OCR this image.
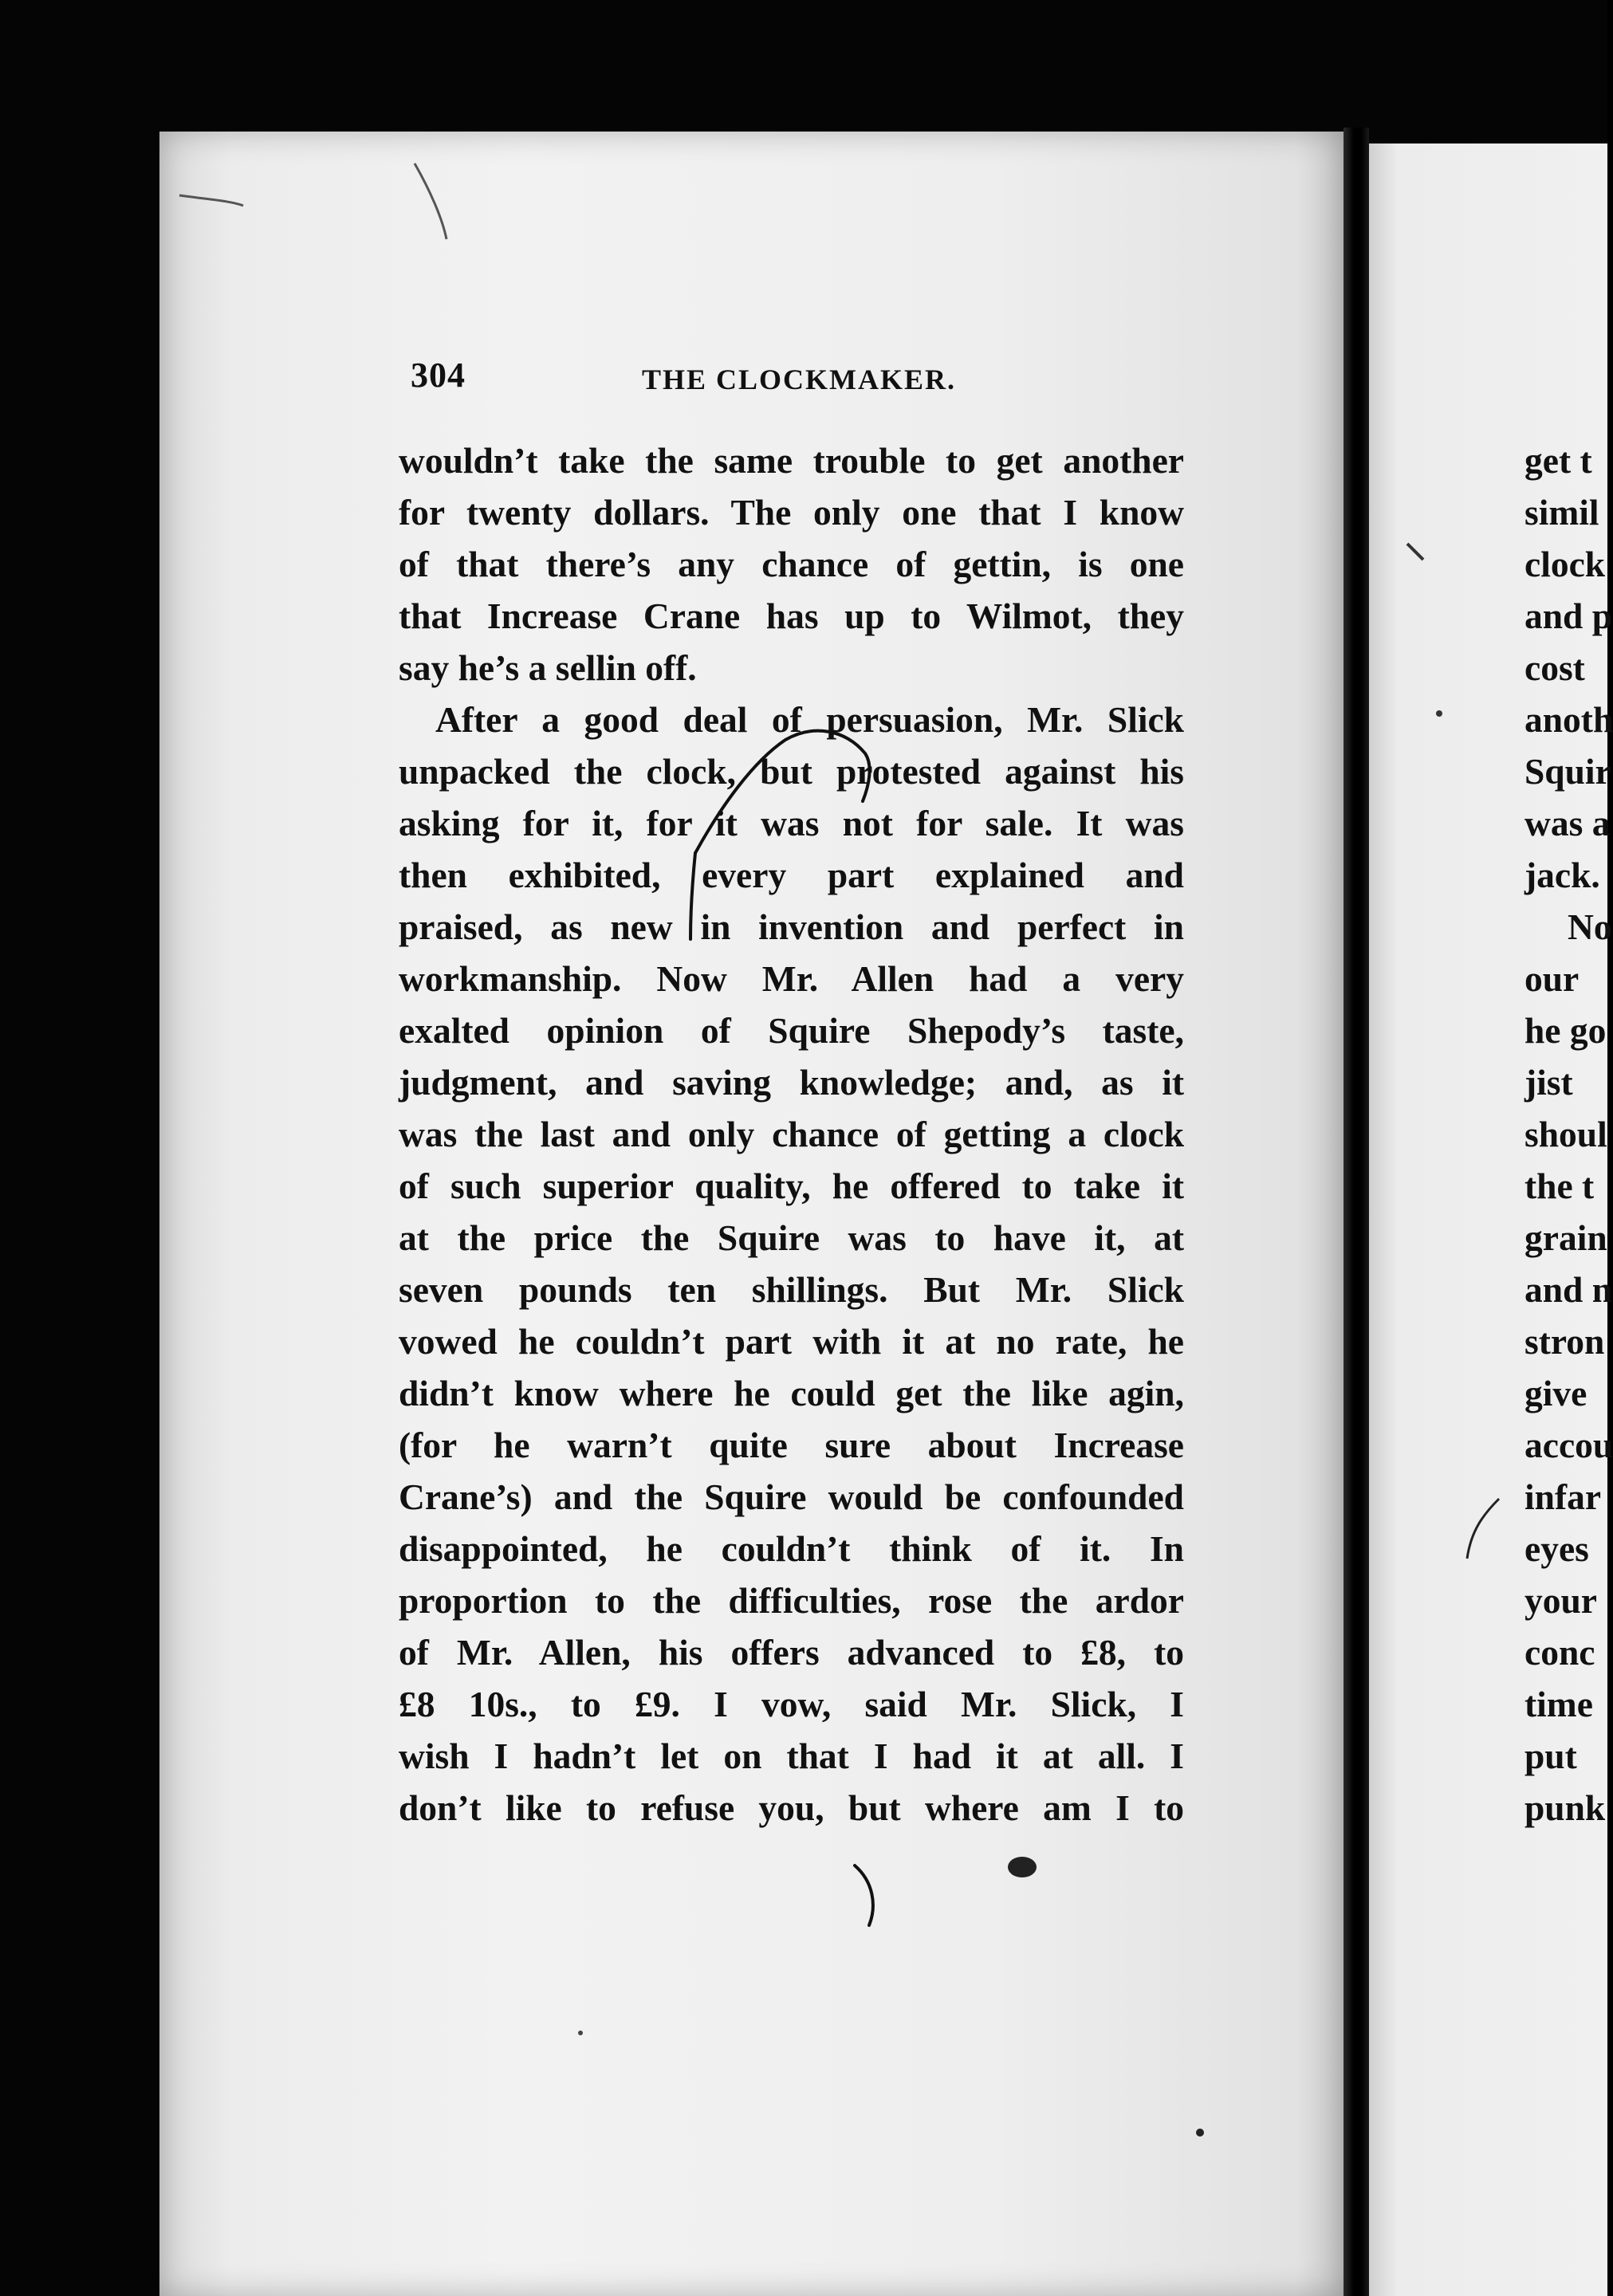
304	THE CLOCKMAKER.
wouldn’t take the same trouble to get another
for twenty dollars. The only one that I know
of that there’s any chance of gettin, is one
that Increase Crane has up to Wilmot, they
say he’s a sellin off.
After a good deal of persuasion, Mr. Slick
unpacked the clock, but protested against his
asking for it, for it was not for sale. It was
then exhibited, every part explained and
praised, as new in invention and perfect in
workmanship. Now Mr. Allen had a very
exalted opinion of Squire Shepody’s taste,
judgment, and saving knowledge; and, as it
was the last and only chance of getting a clock
of such superior quality, he offered to take it
at the price the Squire was to have it, at
seven pounds ten shillings. But Mr. Slick
vowed he couldn’t part with it at no rate, he
didn’t know where he could get the like agin,
(for he warn’t quite sure about Increase
Crane’s) and the Squire would be confounded
disappointed, he couldn’t think of it. In
proportion to the difficulties, rose the ardor
of Mr. Allen, his offers advanced to £8, to
£8 10s., to £9. I vow, said Mr. Slick, I
wish I hadn’t let on that I had it at all. I
don’t like to refuse you, but where am I to
get t
simil
clock
and p
cost
anoth
Squir
was a
jack.
No
our
he go
jist
shoul
the t
grain
and n
stron
give
accou
infar
eyes
your
conc
time
put
punk
